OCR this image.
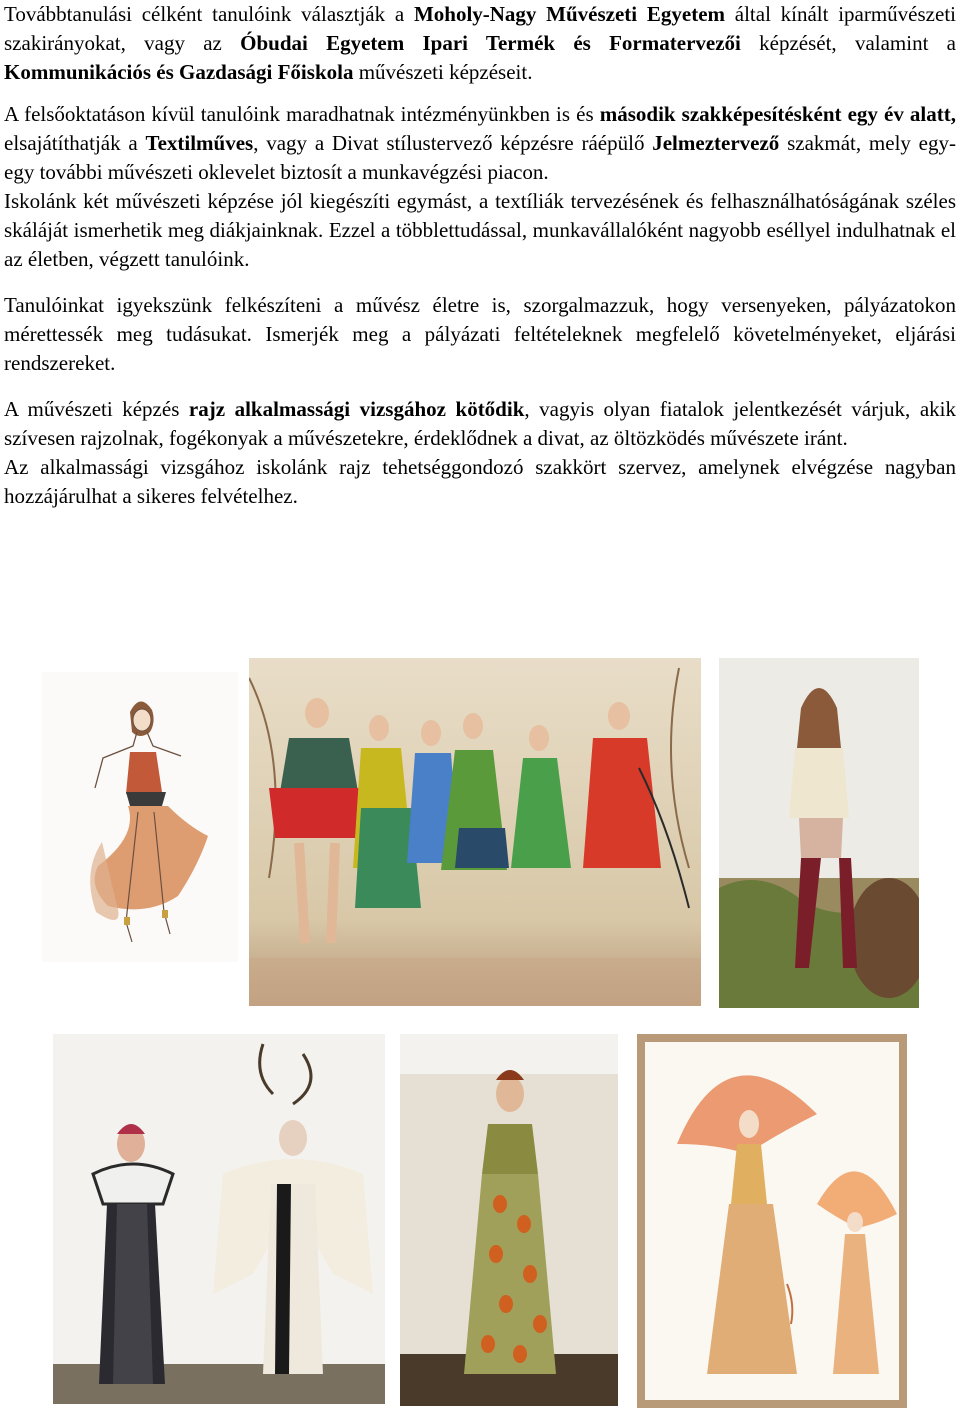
Továbbtanulási célként tanulóink választják a Moholy-Nagy Művészeti Egyetem által kínált iparművészeti szakirányokat, vagy az Óbudai Egyetem Ipari Termék és Formatervezői képzését, valamint a Kommunikációs és Gazdasági Főiskola művészeti képzéseit.

A felsőoktatáson kívül tanulóink maradhatnak intézményünkben is és második szakképesítésként egy év alatt, elsajátíthatják a Textilműves, vagy a Divat stílustervező képzésre ráépülő Jelmeztervező szakmát, mely egy-egy további művészeti oklevelet biztosít a munkavégzési piacon.

Iskolánk két művészeti képzése jól kiegészíti egymást, a textíliák tervezésének és felhasználhatóságának széles skáláját ismerhetik meg diákjainknak. Ezzel a többlettudással, munkavállalóként nagyobb eséllyel indulhatnak el az életben, végzett tanulóink.

Tanulóinkat igyekszünk felkészíteni a művész életre is, szorgalmazzuk, hogy versenyeken, pályázatokon mérettessék meg tudásukat. Ismerjék meg a pályázati feltételeknek megfelelő követelményeket, eljárási rendszereket.

A művészeti képzés rajz alkalmassági vizsgához kötődik, vagyis olyan fiatalok jelentkezését várjuk, akik szívesen rajzolnak, fogékonyak a művészetekre, érdeklődnek a divat, az öltözködés művészete iránt.

Az alkalmassági vizsgához iskolánk rajz tehetséggondozó szakkört szervez, amelynek elvégzése nagyban hozzájárulhat a sikeres felvételhez.
